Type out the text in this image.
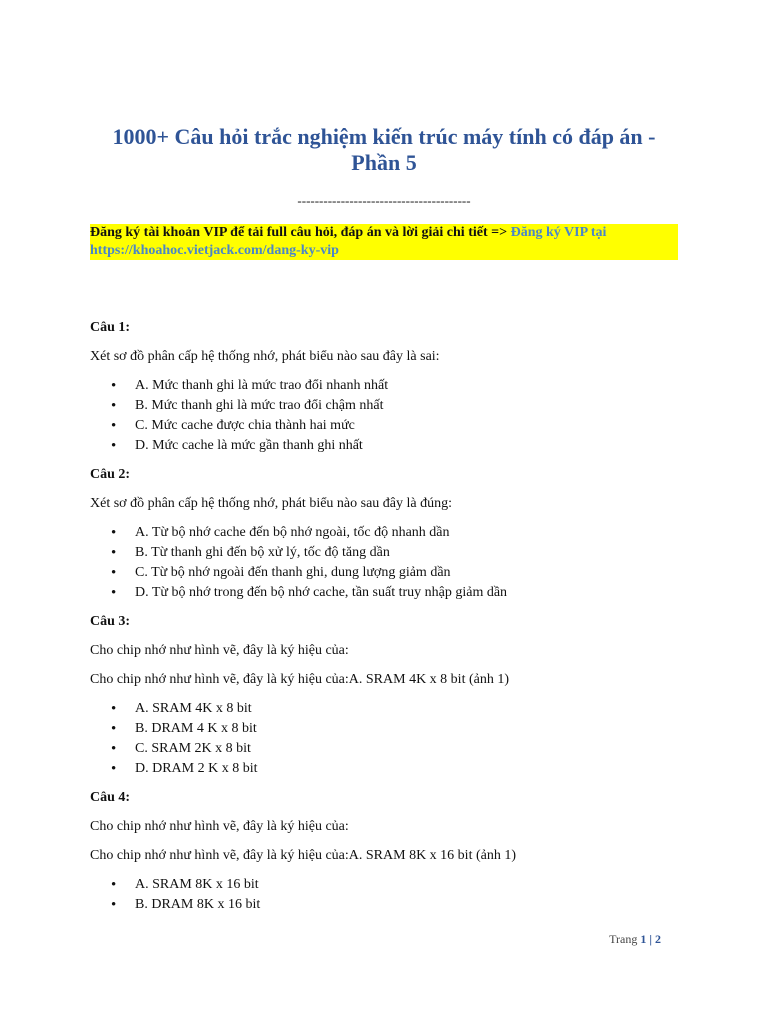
1000+ Câu hỏi trắc nghiệm kiến trúc máy tính có đáp án - Phần 5
----------------------------------------
Đăng ký tài khoản VIP để tải full câu hỏi, đáp án và lời giải chi tiết => Đăng ký VIP tại https://khoahoc.vietjack.com/dang-ky-vip

Câu 1:

Xét sơ đồ phân cấp hệ thống nhớ, phát biểu nào sau đây là sai:

• A. Mức thanh ghi là mức trao đổi nhanh nhất
• B. Mức thanh ghi là mức trao đổi chậm nhất
• C. Mức cache được chia thành hai mức
• D. Mức cache là mức gần thanh ghi nhất

Câu 2:

Xét sơ đồ phân cấp hệ thống nhớ, phát biểu nào sau đây là đúng:

• A. Từ bộ nhớ cache đến bộ nhớ ngoài, tốc độ nhanh dần
• B. Từ thanh ghi đến bộ xử lý, tốc độ tăng dần
• C. Từ bộ nhớ ngoài đến thanh ghi, dung lượng giảm dần
• D. Từ bộ nhớ trong đến bộ nhớ cache, tần suất truy nhập giảm dần

Câu 3:

Cho chip nhớ như hình vẽ, đây là ký hiệu của:

Cho chip nhớ như hình vẽ, đây là ký hiệu của:A. SRAM 4K x 8 bit (ảnh 1)

• A. SRAM 4K x 8 bit
• B. DRAM 4 K x 8 bit
• C. SRAM 2K x 8 bit
• D. DRAM 2 K x 8 bit

Câu 4:

Cho chip nhớ như hình vẽ, đây là ký hiệu của:

Cho chip nhớ như hình vẽ, đây là ký hiệu của:A. SRAM 8K x 16 bit (ảnh 1)

• A. SRAM 8K x 16 bit
• B. DRAM 8K x 16 bit
Trang 1 | 2
